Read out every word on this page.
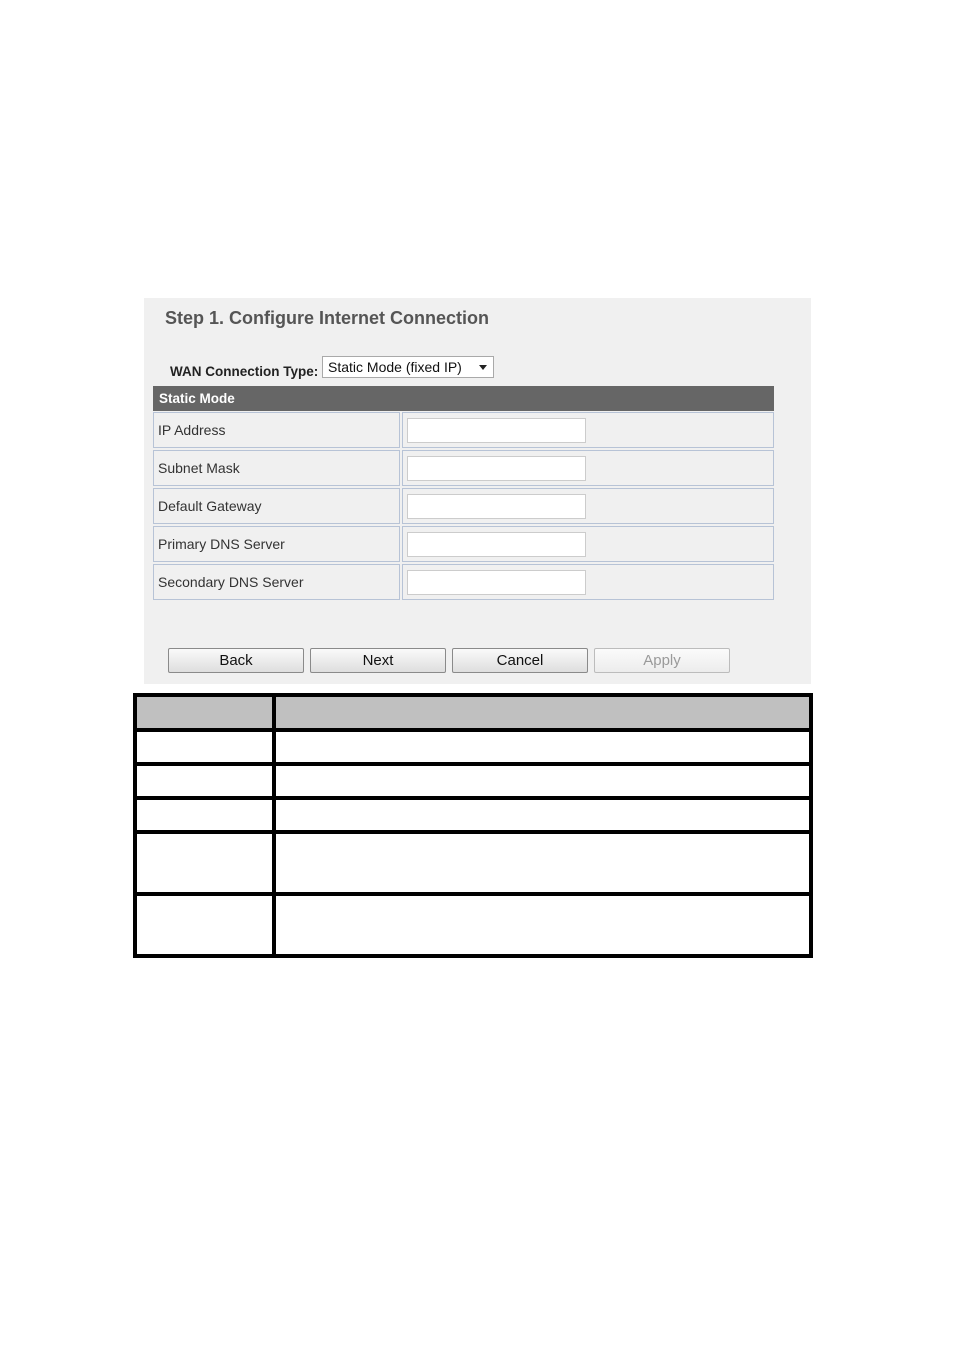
Step 1. Configure Internet Connection
WAN Connection Type: Static Mode (fixed IP)
Static Mode
IP Address
Subnet Mask
Default Gateway
Primary DNS Server
Secondary DNS Server
Back	Next	Cancel	Apply
